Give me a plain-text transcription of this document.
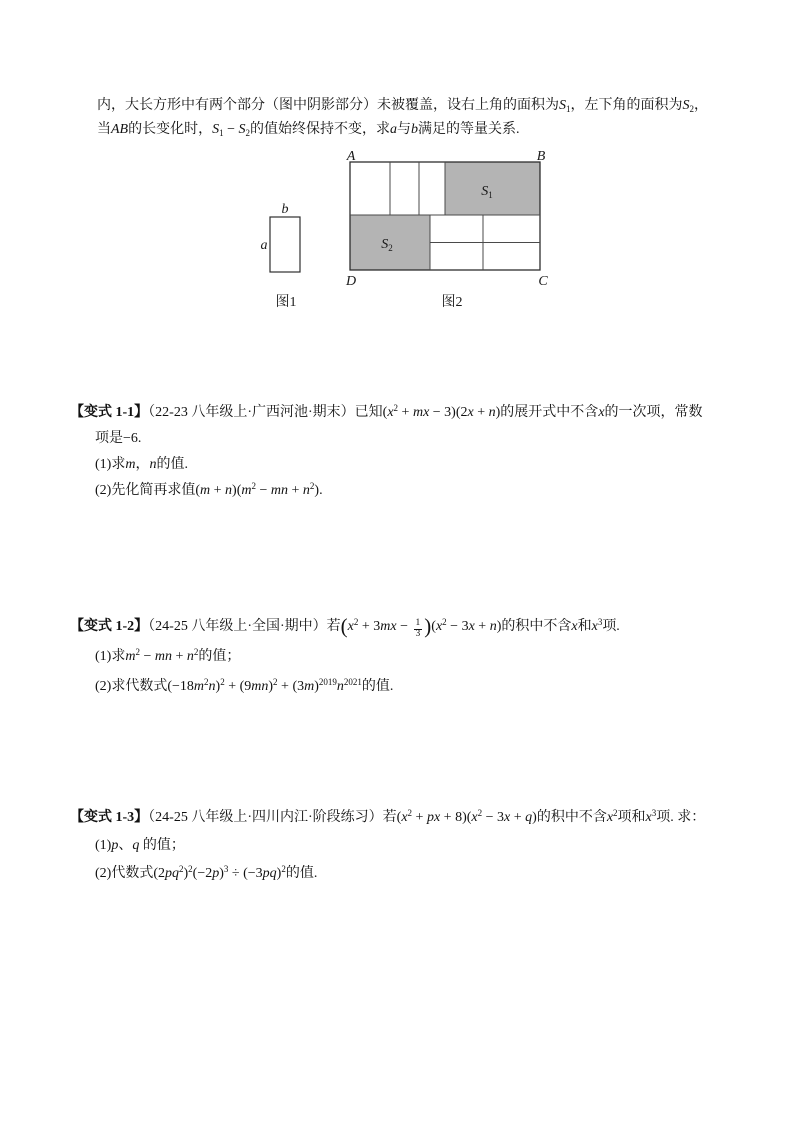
内，大长方形中有两个部分（图中阴影部分）未被覆盖，设右上角的面积为$S_1$，左下角的面积为$S_2$，
当AB的长变化时，$S_1 - S_2$的值始终保持不变，求a与b满足的等量关系.
b
a
图1
A	B
D	C
$S_1$
$S_2$
图2
【变式 1-1】（22-23 八年级上·广西河池·期末）已知($x^2$ + mx − 3)(2x + n)的展开式中不含x的一次项，常数
项是−6.
(1)求m，n的值.
(2)先化简再求值$(m + n)(m^2$ − mn + $n^2$).
【变式 1-2】（24-25 八年级上·全国·期中）若$(x^2 + 3mx - \frac{1}{3} )(x^2 - 3x + n)$的积中不含x和$x^3$项.
(1)求$m^2$ − mn + $n^2$的值；
(2)求代数式$(-18m^2n)^2 + (9mn)^2 + (3m)^{2019}n^{2021}$的值.
【变式 1-3】（24-25 八年级上·四川内江·阶段练习）若($x^2$ + px + $8)(x^2 - 3x + q)$的积中不含$x^2$项和$x^3$项. 求：
(1)p、q 的值；
(2)代数式$(2pq^2)^2(-2p)^3 \div (-3pq)^2$的值.
